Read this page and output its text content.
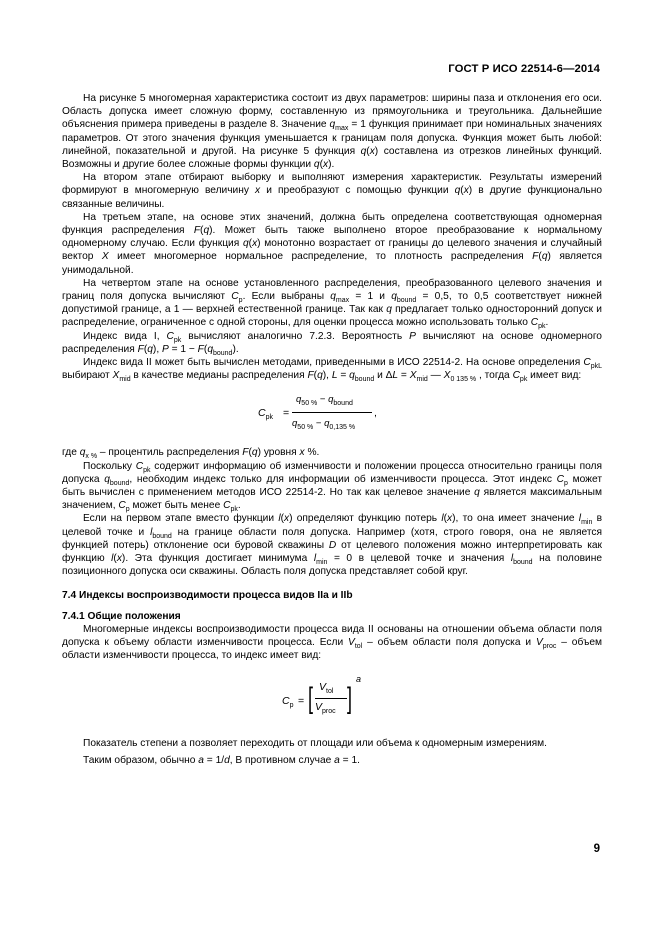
ГОСТ Р ИСО 22514-6—2014

На рисунке 5 многомерная характеристика состоит из двух параметров: ширины паза и отклонения его оси. Область допуска имеет сложную форму, составленную из прямоугольника и треугольника. Дальнейшие объяснения примера приведены в разделе 8. Значение $q_{max} = 1$ функция принимает при номинальных значениях параметров. От этого значения функция уменьшается к границам поля допуска. Функция может быть любой: линейной, показательной и другой. На рисунке 5 функция q(x) составлена из отрезков линейных функций. Возможны и другие более сложные формы функции q(x).

На втором этапе отбирают выборку и выполняют измерения характеристик. Результаты измерений формируют в многомерную величину x и преобразуют с помощью функции q(x) в другие функционально связанные величины.

На третьем этапе, на основе этих значений, должна быть определена соответствующая одномерная функция распределения F(q). Может быть также выполнено второе преобразование к нормальному одномерному случаю. Если функция q(x) монотонно возрастает от границы до целевого значения и случайный вектор X имеет многомерное нормальное распределение, то плотность распределения F(q) является унимодальной.

На четвертом этапе на основе установленного распределения, преобразованного целевого значения и границ поля допуска вычисляют $C_p$. Если выбраны $q_{max} = 1$ и $q_{bound} = 0,5$, то 0,5 соответствует нижней допустимой границе, а 1 — верхней естественной границе. Так как q предлагает только односторонний допуск и распределение, ограниченное с одной стороны, для оценки процесса можно использовать только $C_{pk}$.

Индекс вида I, $C_{pk}$ вычисляют аналогично 7.2.3. Вероятность P вычисляют на основе одномерного распределения F(q), $P = 1 - F(q_{bound})$.

Индекс вида II может быть вычислен методами, приведенными в ИСО 22514-2. На основе определения $C_{pkL}$ выбирают $X_{mid}$ в качестве медианы распределения F(q), $L = q_{bound}$ и $\Delta L = X_{mid}$ — $X_{0 135 \%}$ , тогда $C_{pk}$ имеет вид:

$C_{pk}$ =
$q_{50 \%} - q_{bound}$
$q_{50 \%} - q_{0,135 \%}$
,

где $q_{x \%}$ – процентиль распределения F(q) уровня x %.

Поскольку $C_{pk}$ содержит информацию об изменчивости и положении процесса относительно границы поля допуска $q_{bound}$, необходим индекс только для информации об изменчивости процесса. Этот индекс $C_p$ может быть вычислен с применением методов ИСО 22514-2. Но так как целевое значение q является максимальным значением, $C_p$ может быть менее $C_{pk}$.

Если на первом этапе вместо функции l(x) определяют функцию потерь l(x), то она имеет значение $l_{min}$ в целевой точке и $l_{bound}$ на границе области поля допуска. Например (хотя, строго говоря, она не является функцией потерь) отклонение оси буровой скважины D от целевого положения можно интерпретировать как функцию l(x). Эта функция достигает минимума $l_{min} = 0$ в целевой точке и значения $l_{bound}$ на половине позиционного допуска оси скважины. Область поля допуска представляет собой круг.

7.4 Индексы воспроизводимости процесса видов IIa и IIb

7.4.1 Общие положения

Многомерные индексы воспроизводимости процесса вида II основаны на отношении объема области поля допуска к объему области изменчивости процесса. Если $V_{tol}$ – объем области поля допуска и $V_{proc}$ – объем области изменчивости процесса, то индекс имеет вид:

$C_p$ = [ $V_{tol}$
$V_{proc}$ ]
a

Показатель степени a позволяет переходить от площади или объема к одномерным измерениям.

Таким образом, обычно a = 1/d, В противном случае a = 1.

9
